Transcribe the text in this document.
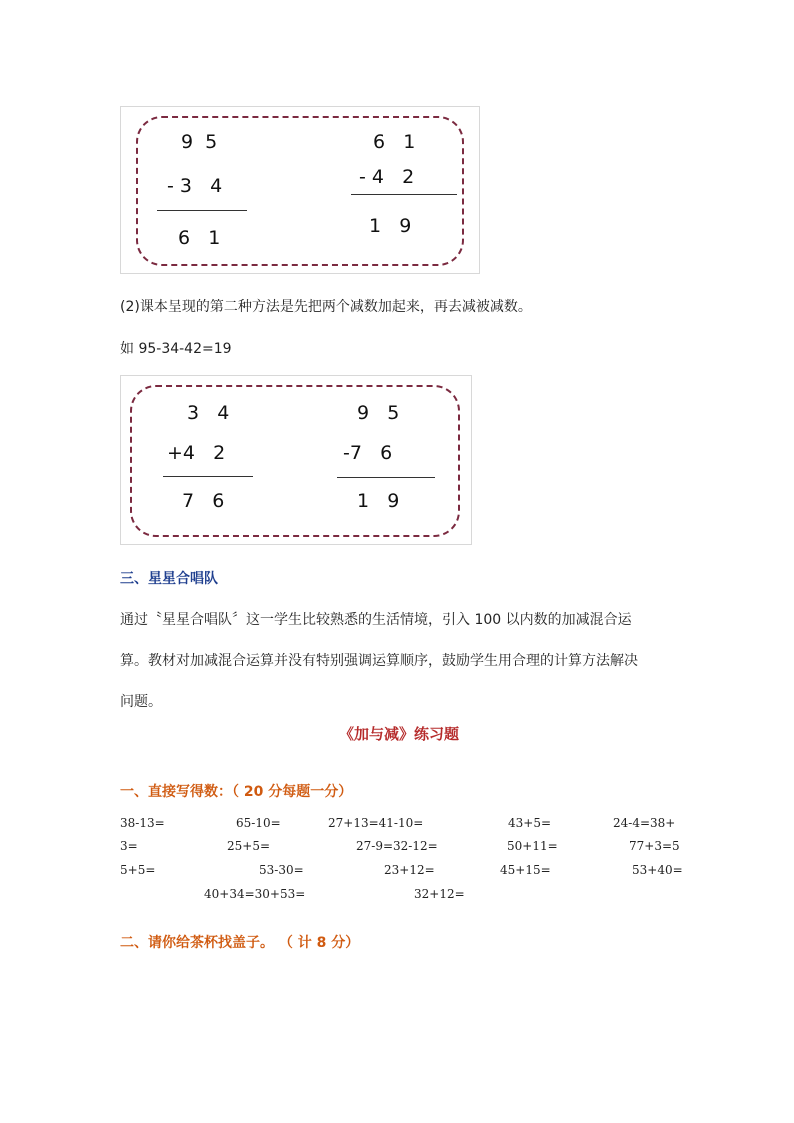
9  5
- 3   4
6   1
6   1
- 4   2
1   9
(2)课本呈现的第二种方法是先把两个减数加起来，再去减被减数。
如 95-34-42=19
3   4
+4   2
7   6
9   5
-7   6
1   9
三、星星合唱队
通过〝星星合唱队〞这一学生比较熟悉的生活情境，引入 100 以内数的加减混合运
算。教材对加减混合运算并没有特别强调运算顺序，鼓励学生用合理的计算方法解决
问题。
《加与减》练习题
一、直接写得数：（ 20 分每题一分）
38-13=	65-10=	27+13=41-10=	43+5=	24-4=38+
3=	25+5=	27-9=32-12=	50+11=	77+3=5
5+5=	53-30=	23+12=	45+15=	53+40=
40+34=30+53=	32+12=
二、请你给茶杯找盖子。 （ 计 8 分）
